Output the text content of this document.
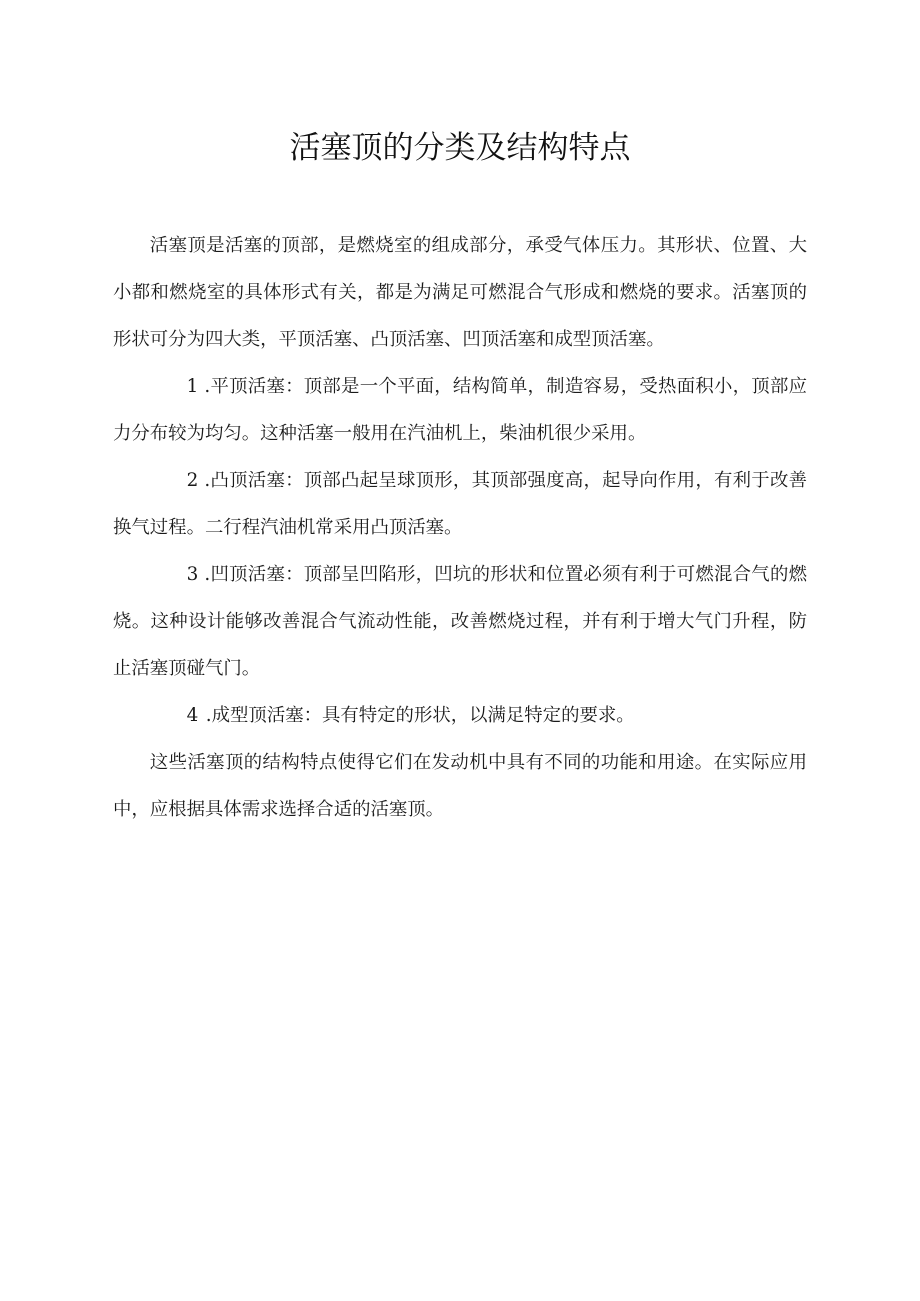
活塞顶的分类及结构特点

活塞顶是活塞的顶部，是燃烧室的组成部分，承受气体压力。其形状、位置、大小都和燃烧室的具体形式有关，都是为满足可燃混合气形成和燃烧的要求。活塞顶的形状可分为四大类，平顶活塞、凸顶活塞、凹顶活塞和成型顶活塞。

1 .平顶活塞：顶部是一个平面，结构简单，制造容易，受热面积小，顶部应力分布较为均匀。这种活塞一般用在汽油机上，柴油机很少采用。

2 .凸顶活塞：顶部凸起呈球顶形，其顶部强度高，起导向作用，有利于改善换气过程。二行程汽油机常采用凸顶活塞。

3 .凹顶活塞：顶部呈凹陷形，凹坑的形状和位置必须有利于可燃混合气的燃烧。这种设计能够改善混合气流动性能，改善燃烧过程，并有利于增大气门升程，防止活塞顶碰气门。

4 .成型顶活塞：具有特定的形状，以满足特定的要求。

这些活塞顶的结构特点使得它们在发动机中具有不同的功能和用途。在实际应用中，应根据具体需求选择合适的活塞顶。
